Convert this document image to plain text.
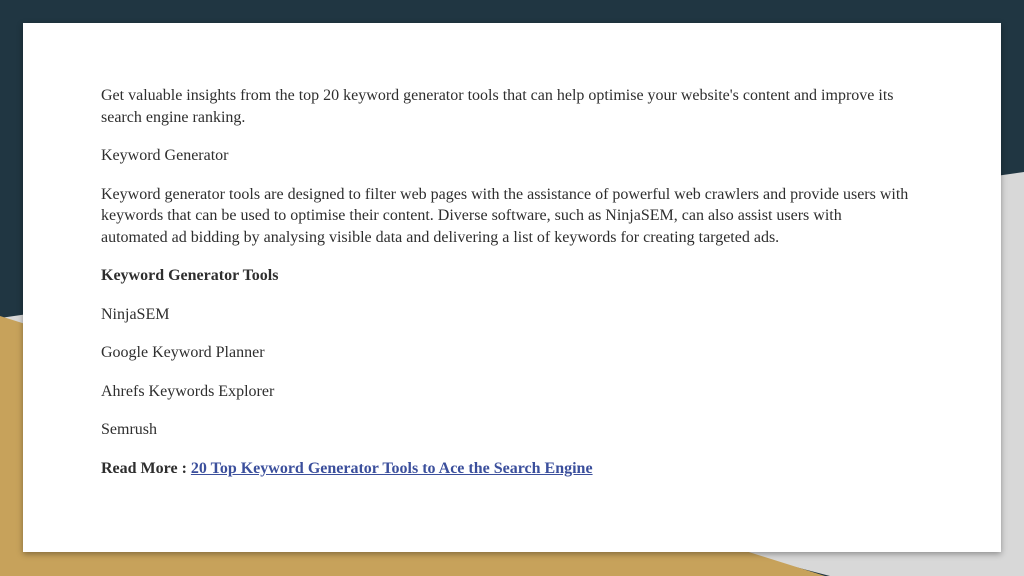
Get valuable insights from the top 20 keyword generator tools that can help optimise your website's content and improve its search engine ranking.

Keyword Generator

Keyword generator tools are designed to filter web pages with the assistance of powerful web crawlers and provide users with keywords that can be used to optimise their content. Diverse software, such as NinjaSEM, can also assist users with automated ad bidding by analysing visible data and delivering a list of keywords for creating targeted ads.

Keyword Generator Tools

NinjaSEM

Google Keyword Planner

Ahrefs Keywords Explorer

Semrush

Read More : 20 Top Keyword Generator Tools to Ace the Search Engine
